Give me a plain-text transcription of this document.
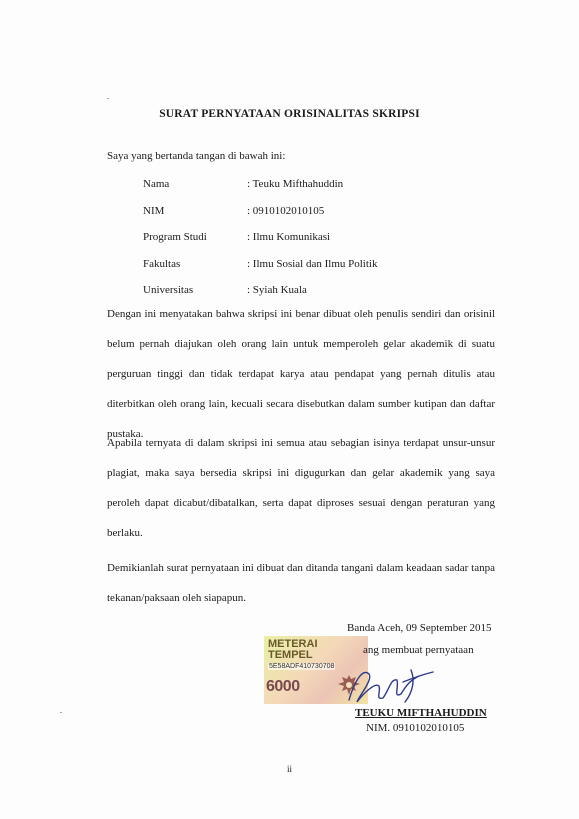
SURAT PERNYATAAN ORISINALITAS SKRIPSI
Saya yang bertanda tangan di bawah ini:
Nama	: Teuku Mifthahuddin
NIM	: 0910102010105
Program Studi	: Ilmu Komunikasi
Fakultas	: Ilmu Sosial dan Ilmu Politik
Universitas	: Syiah Kuala
Dengan ini menyatakan bahwa skripsi ini benar dibuat oleh penulis sendiri dan orisinil belum pernah diajukan oleh orang lain untuk memperoleh gelar akademik di suatu perguruan tinggi dan tidak terdapat karya atau pendapat yang pernah ditulis atau diterbitkan oleh orang lain, kecuali secara disebutkan dalam sumber kutipan dan daftar pustaka.
Apabila ternyata di dalam skripsi ini semua atau sebagian isinya terdapat unsur-unsur plagiat, maka saya bersedia skripsi ini digugurkan dan gelar akademik yang saya peroleh dapat dicabut/dibatalkan, serta dapat diproses sesuai dengan peraturan yang berlaku.
Demikianlah surat pernyataan ini dibuat dan ditanda tangani dalam keadaan sadar tanpa tekanan/paksaan oleh siapapun.
Banda Aceh, 09 September 2015
METERAI
TEMPEL
5E58ADF410730708
6000
ang membuat pernyataan
TEUKU MIFTHAHUDDIN
NIM. 0910102010105
ii
